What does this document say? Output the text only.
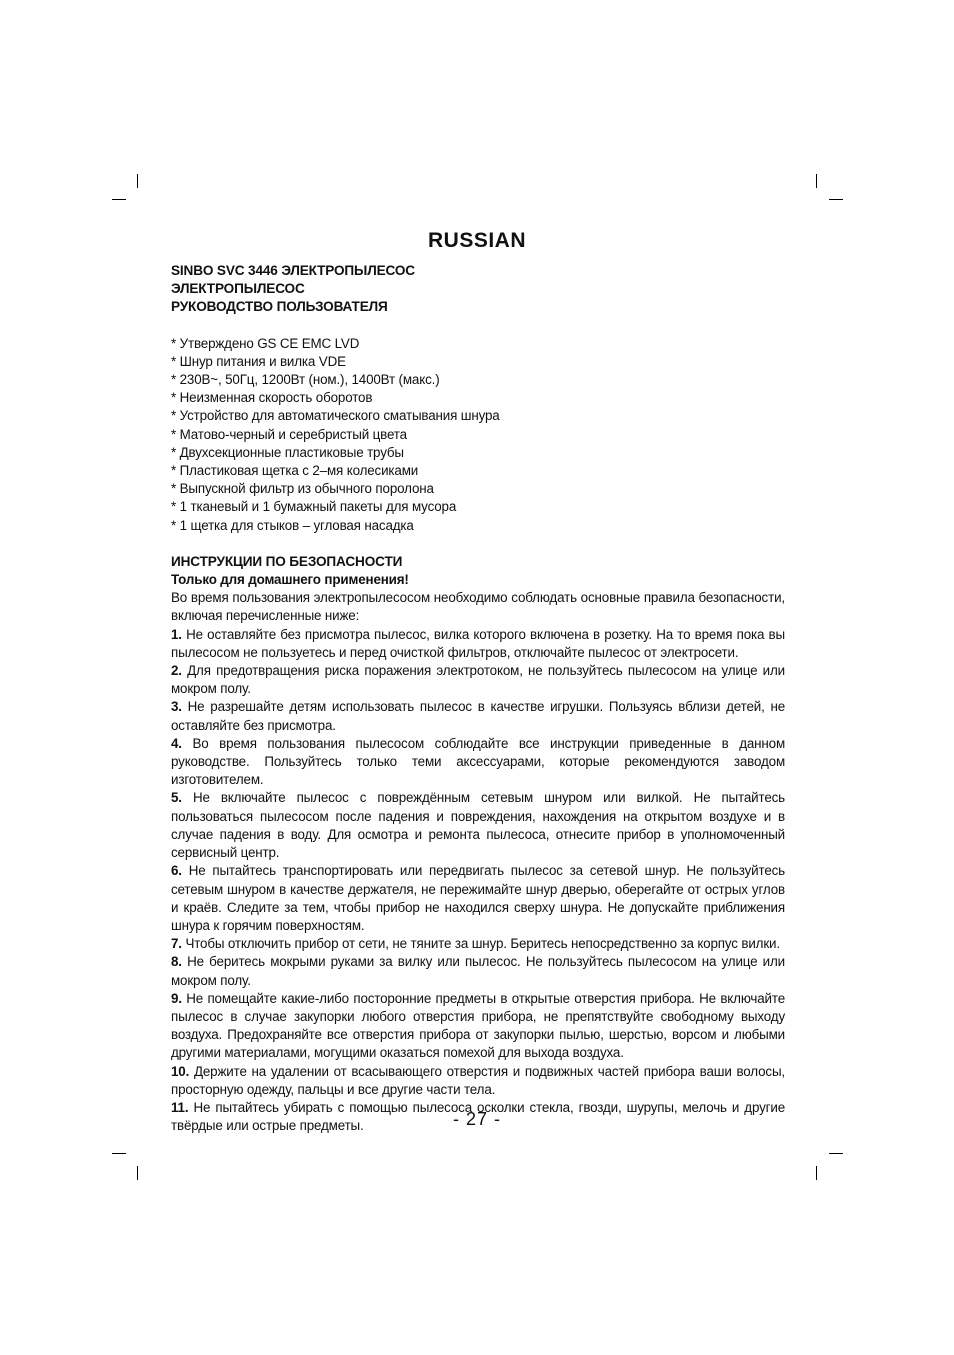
RUSSIAN
SINBO SVC 3446 ЭЛЕКТРОПЫЛЕСОС
ЭЛЕКТРОПЫЛЕСОС
РУКОВОДСТВО ПОЛЬЗОВАТЕЛЯ
* Утверждено GS CE EMC LVD
* Шнур питания и вилка VDE
* 230В~, 50Гц, 1200Вт (ном.), 1400Вт (макс.)
* Неизменная скорость оборотов
* Устройство для автоматического сматывания шнура
* Матово-черный и серебристый цвета
* Двухсекционные пластиковые трубы
* Пластиковая щетка с 2–мя колесиками
* Выпускной фильтр из обычного поролона
* 1 тканевый и 1 бумажный пакеты для мусора
* 1 щетка для стыков – угловая насадка
ИНСТРУКЦИИ ПО БЕЗОПАСНОСТИ
Только для домашнего применения!
Во время пользования электропылесосом необходимо соблюдать основные правила безопасности, включая перечисленные ниже:
1. Не оставляйте без присмотра пылесос, вилка которого включена в розетку. На то время пока вы пылесосом не пользуетесь и перед очисткой фильтров, отключайте пылесос от электросети.
2. Для предотвращения риска поражения электротоком, не пользуйтесь пылесосом на улице или мокром полу.
3. Не разрешайте детям использовать пылесос в качестве игрушки. Пользуясь вблизи детей, не оставляйте без присмотра.
4. Во время пользования пылесосом соблюдайте все инструкции приведенные в данном руководстве. Пользуйтесь только теми аксессуарами, которые рекомендуются заводом изготовителем.
5. Не включайте пылесос с повреждённым сетевым шнуром или вилкой. Не пытайтесь пользоваться пылесосом после падения и повреждения, нахождения на открытом воздухе и в случае падения в воду. Для осмотра и ремонта пылесоса, отнесите прибор в уполномоченный сервисный центр.
6. Не пытайтесь транспортировать или передвигать пылесос за сетевой шнур. Не пользуйтесь сетевым шнуром в качестве держателя, не пережимайте шнур дверью, оберегайте от острых углов и краёв. Следите за тем, чтобы прибор не находился сверху шнура. Не допускайте приближения шнура к горячим поверхностям.
7. Чтобы отключить прибор от сети, не тяните за шнур. Беритесь непосредственно за корпус вилки.
8. Не беритесь мокрыми руками за вилку или пылесос. Не пользуйтесь пылесосом на улице или мокром полу.
9. Не помещайте какие-либо посторонние предметы в открытые отверстия прибора. Не включайте пылесос в случае закупорки любого отверстия прибора, не препятствуйте свободному выходу воздуха. Предохраняйте все отверстия прибора от закупорки пылью, шерстью, ворсом и любыми другими материалами, могущими оказаться помехой для выхода воздуха.
10. Держите на удалении от всасывающего отверстия и подвижных частей прибора ваши волосы, просторную одежду, пальцы и все другие части тела.
11. Не пытайтесь убирать с помощью пылесоса осколки стекла, гвозди, шурупы, мелочь и другие твёрдые или острые предметы.	- 27 -
